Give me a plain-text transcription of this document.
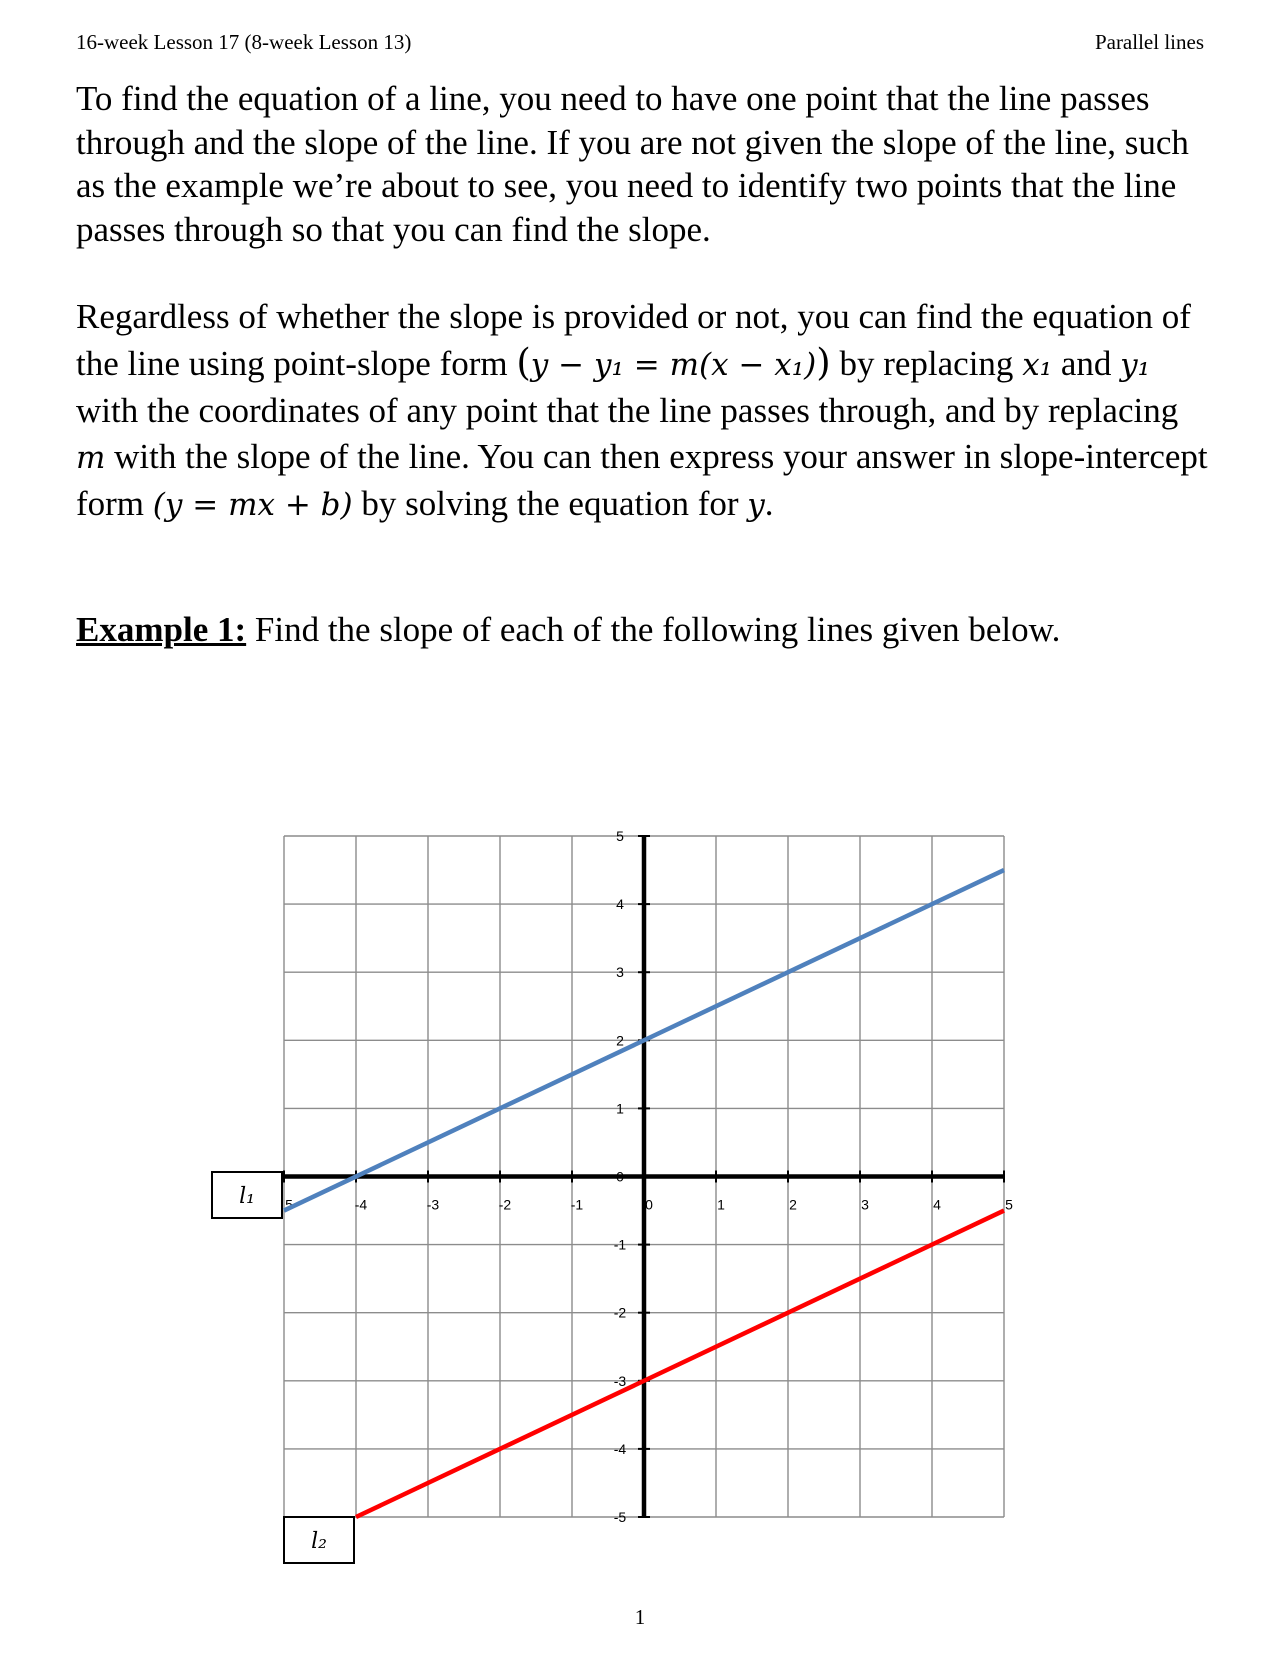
16-week Lesson 17 (8-week Lesson 13)	Parallel lines

To find the equation of a line, you need to have one point that the line passes through and the slope of the line. If you are not given the slope of the line, such as the example we’re about to see, you need to identify two points that the line passes through so that you can find the slope.

Regardless of whether the slope is provided or not, you can find the equation of the line using point-slope form (y − y₁ = m(x − x₁)) by replacing x₁ and y₁ with the coordinates of any point that the line passes through, and by replacing m with the slope of the line. You can then express your answer in slope-intercept form (y = mx + b) by solving the equation for y.

Example 1: Find the slope of each of the following lines given below.

5	-4	-3	-2	-1	0	1	2	3	4	5
5
4
3
2
1
0
-1
-2
-3
-4
-5
l₁
l₂
1
